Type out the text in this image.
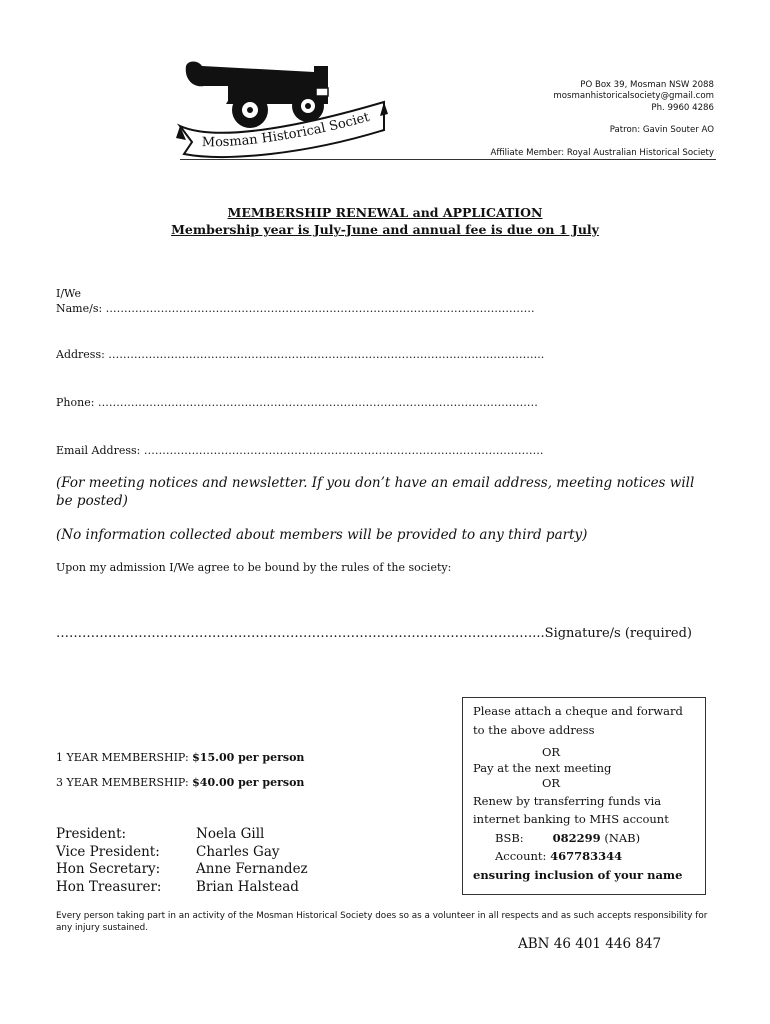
Mosman Historical Societ
PO Box 39, Mosman NSW 2088
mosmanhistoricalsociety@gmail.com
Ph. 9960 4286
Patron: Gavin Souter AO
Affiliate Member: Royal Australian Historical Society
MEMBERSHIP RENEWAL and APPLICATION
Membership year is July-June and annual fee is due on 1 July
I/We
Name/s: ………………………………………………………………………………………………………
Address: ………………………………………………………………………………………………………..
Phone: …………………………………………………………………………………………………………
Email Address: ……………………………………………………………………………………………….
(For meeting notices and newsletter. If you don’t have an email address, meeting notices will be posted)
(No information collected about members will be provided to any third party)
Upon my admission I/We agree to be bound by the rules of the society:
……………………………………………………………………………………………..…...Signature/s (required)
1 YEAR MEMBERSHIP: $15.00 per person
3 YEAR MEMBERSHIP: $40.00 per person
President:	Noela Gill
Vice President:	Charles Gay
Hon Secretary:	Anne Fernandez
Hon Treasurer:	Brian Halstead
Please attach a cheque and forward
to the above address
OR
Pay at the next meeting
OR
Renew by transferring funds via
internet banking to MHS account
BSB:	082299 (NAB)
Account: 467783344
ensuring inclusion of your name
Every person taking part in an activity of the Mosman Historical Society does so as a volunteer in all respects and as such accepts responsibility for any injury sustained.
ABN 46 401 446 847
